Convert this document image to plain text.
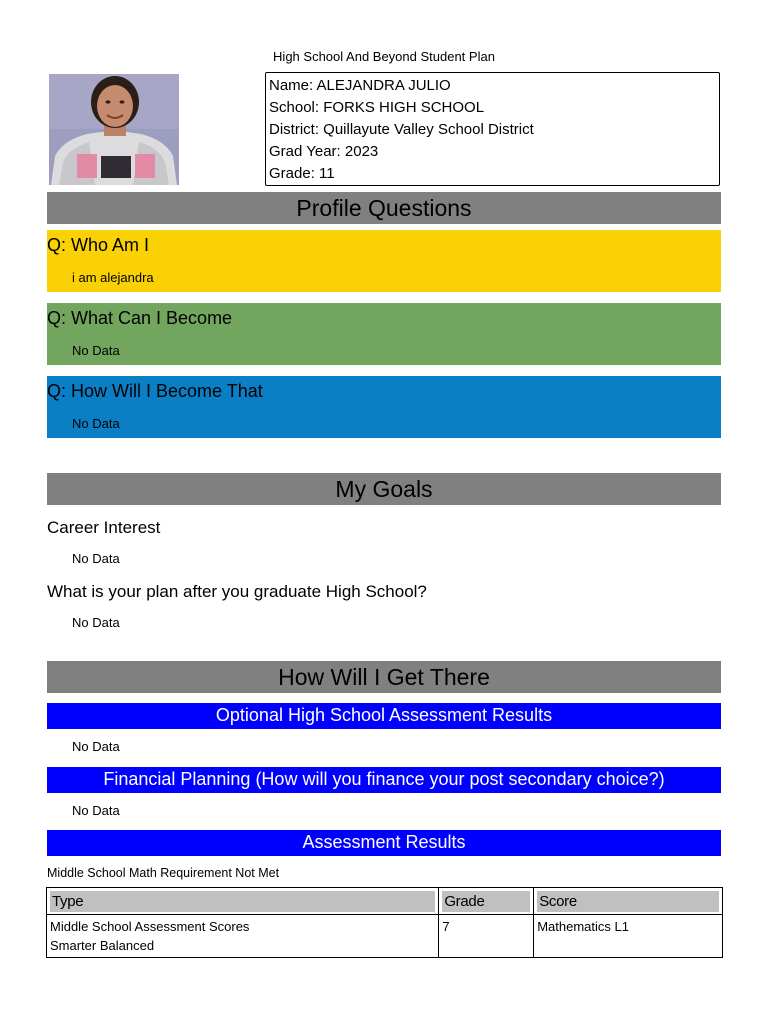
High School And Beyond Student Plan
Name: ALEJANDRA JULIO
School: FORKS HIGH SCHOOL
District: Quillayute Valley School District
Grad Year: 2023
Grade: 11
Profile Questions
Q: Who Am I
i am alejandra
Q: What Can I Become
No Data
Q: How Will I Become That
No Data
My Goals
Career Interest
No Data
What is your plan after you graduate High School?
No Data
How Will I Get There
Optional High School Assessment Results
No Data
Financial Planning (How will you finance your post secondary choice?)
No Data
Assessment Results
Middle School Math Requirement Not Met
Type	Grade	Score

Middle School Assessment Scores
Smarter Balanced	7	Mathematics L1
